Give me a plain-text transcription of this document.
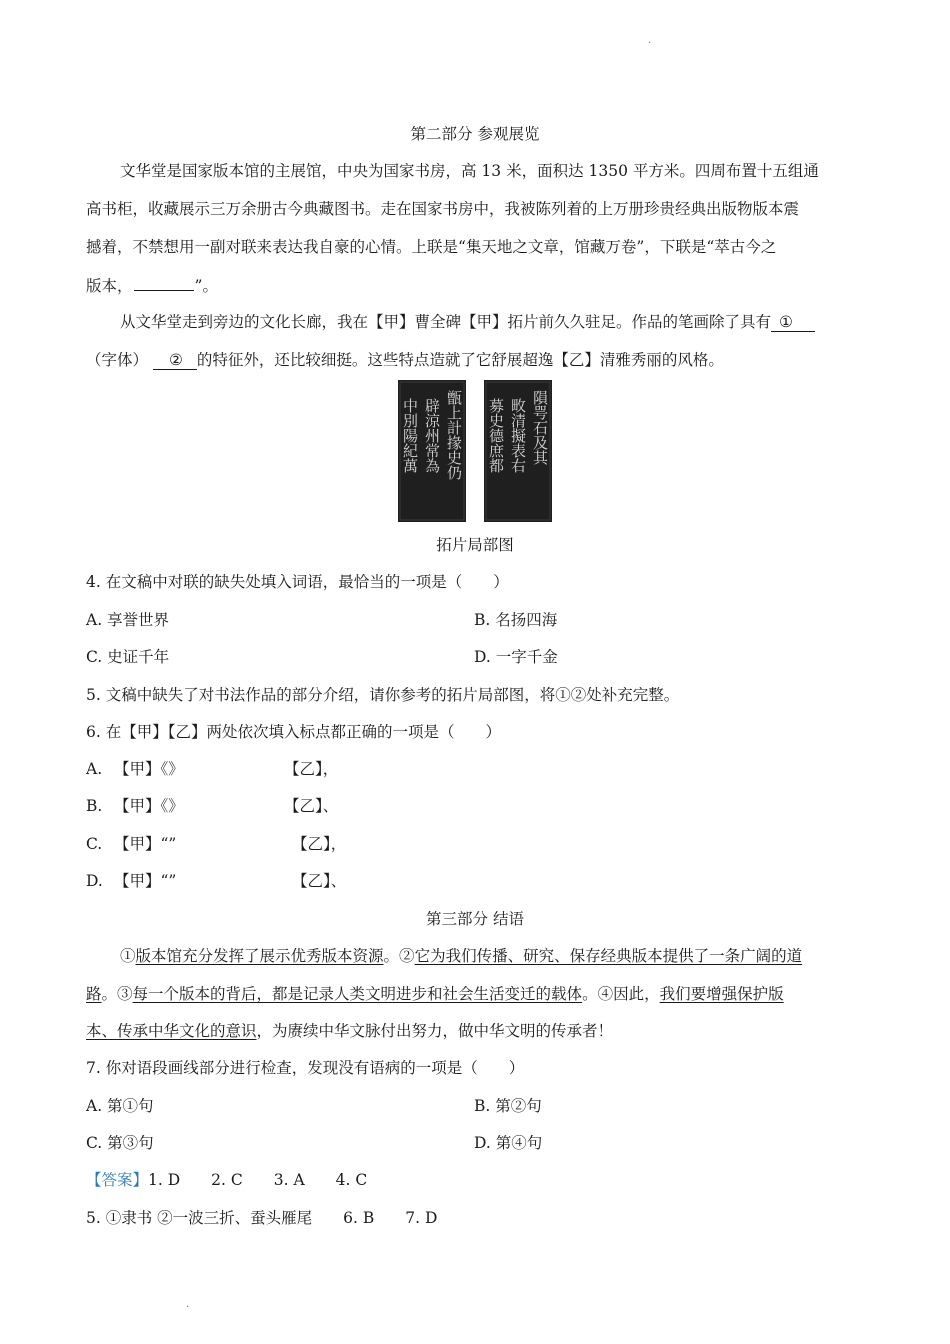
·
第二部分 参观展览
文华堂是国家版本馆的主展馆，中央为国家书房，高 13 米，面积达 1350 平方米。四周布置十五组通
高书柜，收藏展示三万余册古今典藏图书。走在国家书房中，我被陈列着的上万册珍贵经典出版物版本震
撼着，不禁想用一副对联来表达我自豪的心情。上联是“集天地之文章，馆藏万卷”，下联是“萃古今之
版本，	”。
从文华堂走到旁边的文化长廊，我在【甲】曹全碑【甲】拓片前久久驻足。作品的笔画除了具有 ①
（字体） ② 的特征外，还比较细挺。这些特点造就了它舒展超逸【乙】清雅秀丽的风格。
中別陽紀萬 辟涼州常為 甑上計掾史仍 募史德庶都 畋清擬表右 隕咢石及其
拓片局部图
4. 在文稿中对联的缺失处填入词语，最恰当的一项是（　　）
A. 享誉世界	B. 名扬四海
C. 史证千年	D. 一字千金
5. 文稿中缺失了对书法作品的部分介绍，请你参考的拓片局部图，将①②处补充完整。
6. 在【甲】【乙】两处依次填入标点都正确的一项是（　　）
A. 【甲】《》	【乙】，
B. 【甲】《》	【乙】、
C. 【甲】“”	【乙】，
D. 【甲】“”	【乙】、
第三部分 结语
①版本馆充分发挥了展示优秀版本资源。②它为我们传播、研究、保存经典版本提供了一条广阔的道
路。③每一个版本的背后，都是记录人类文明进步和社会生活变迁的载体。④因此，我们要增强保护版
本、传承中华文化的意识，为赓续中华文脉付出努力，做中华文明的传承者！
7. 你对语段画线部分进行检查，发现没有语病的一项是（　　）
A. 第①句	B. 第②句
C. 第③句	D. 第④句
【答案】1. D　　2. C　　3. A　　4. C
5. ①隶书 ②一波三折、蚕头雁尾　　6. B　　7. D
·
